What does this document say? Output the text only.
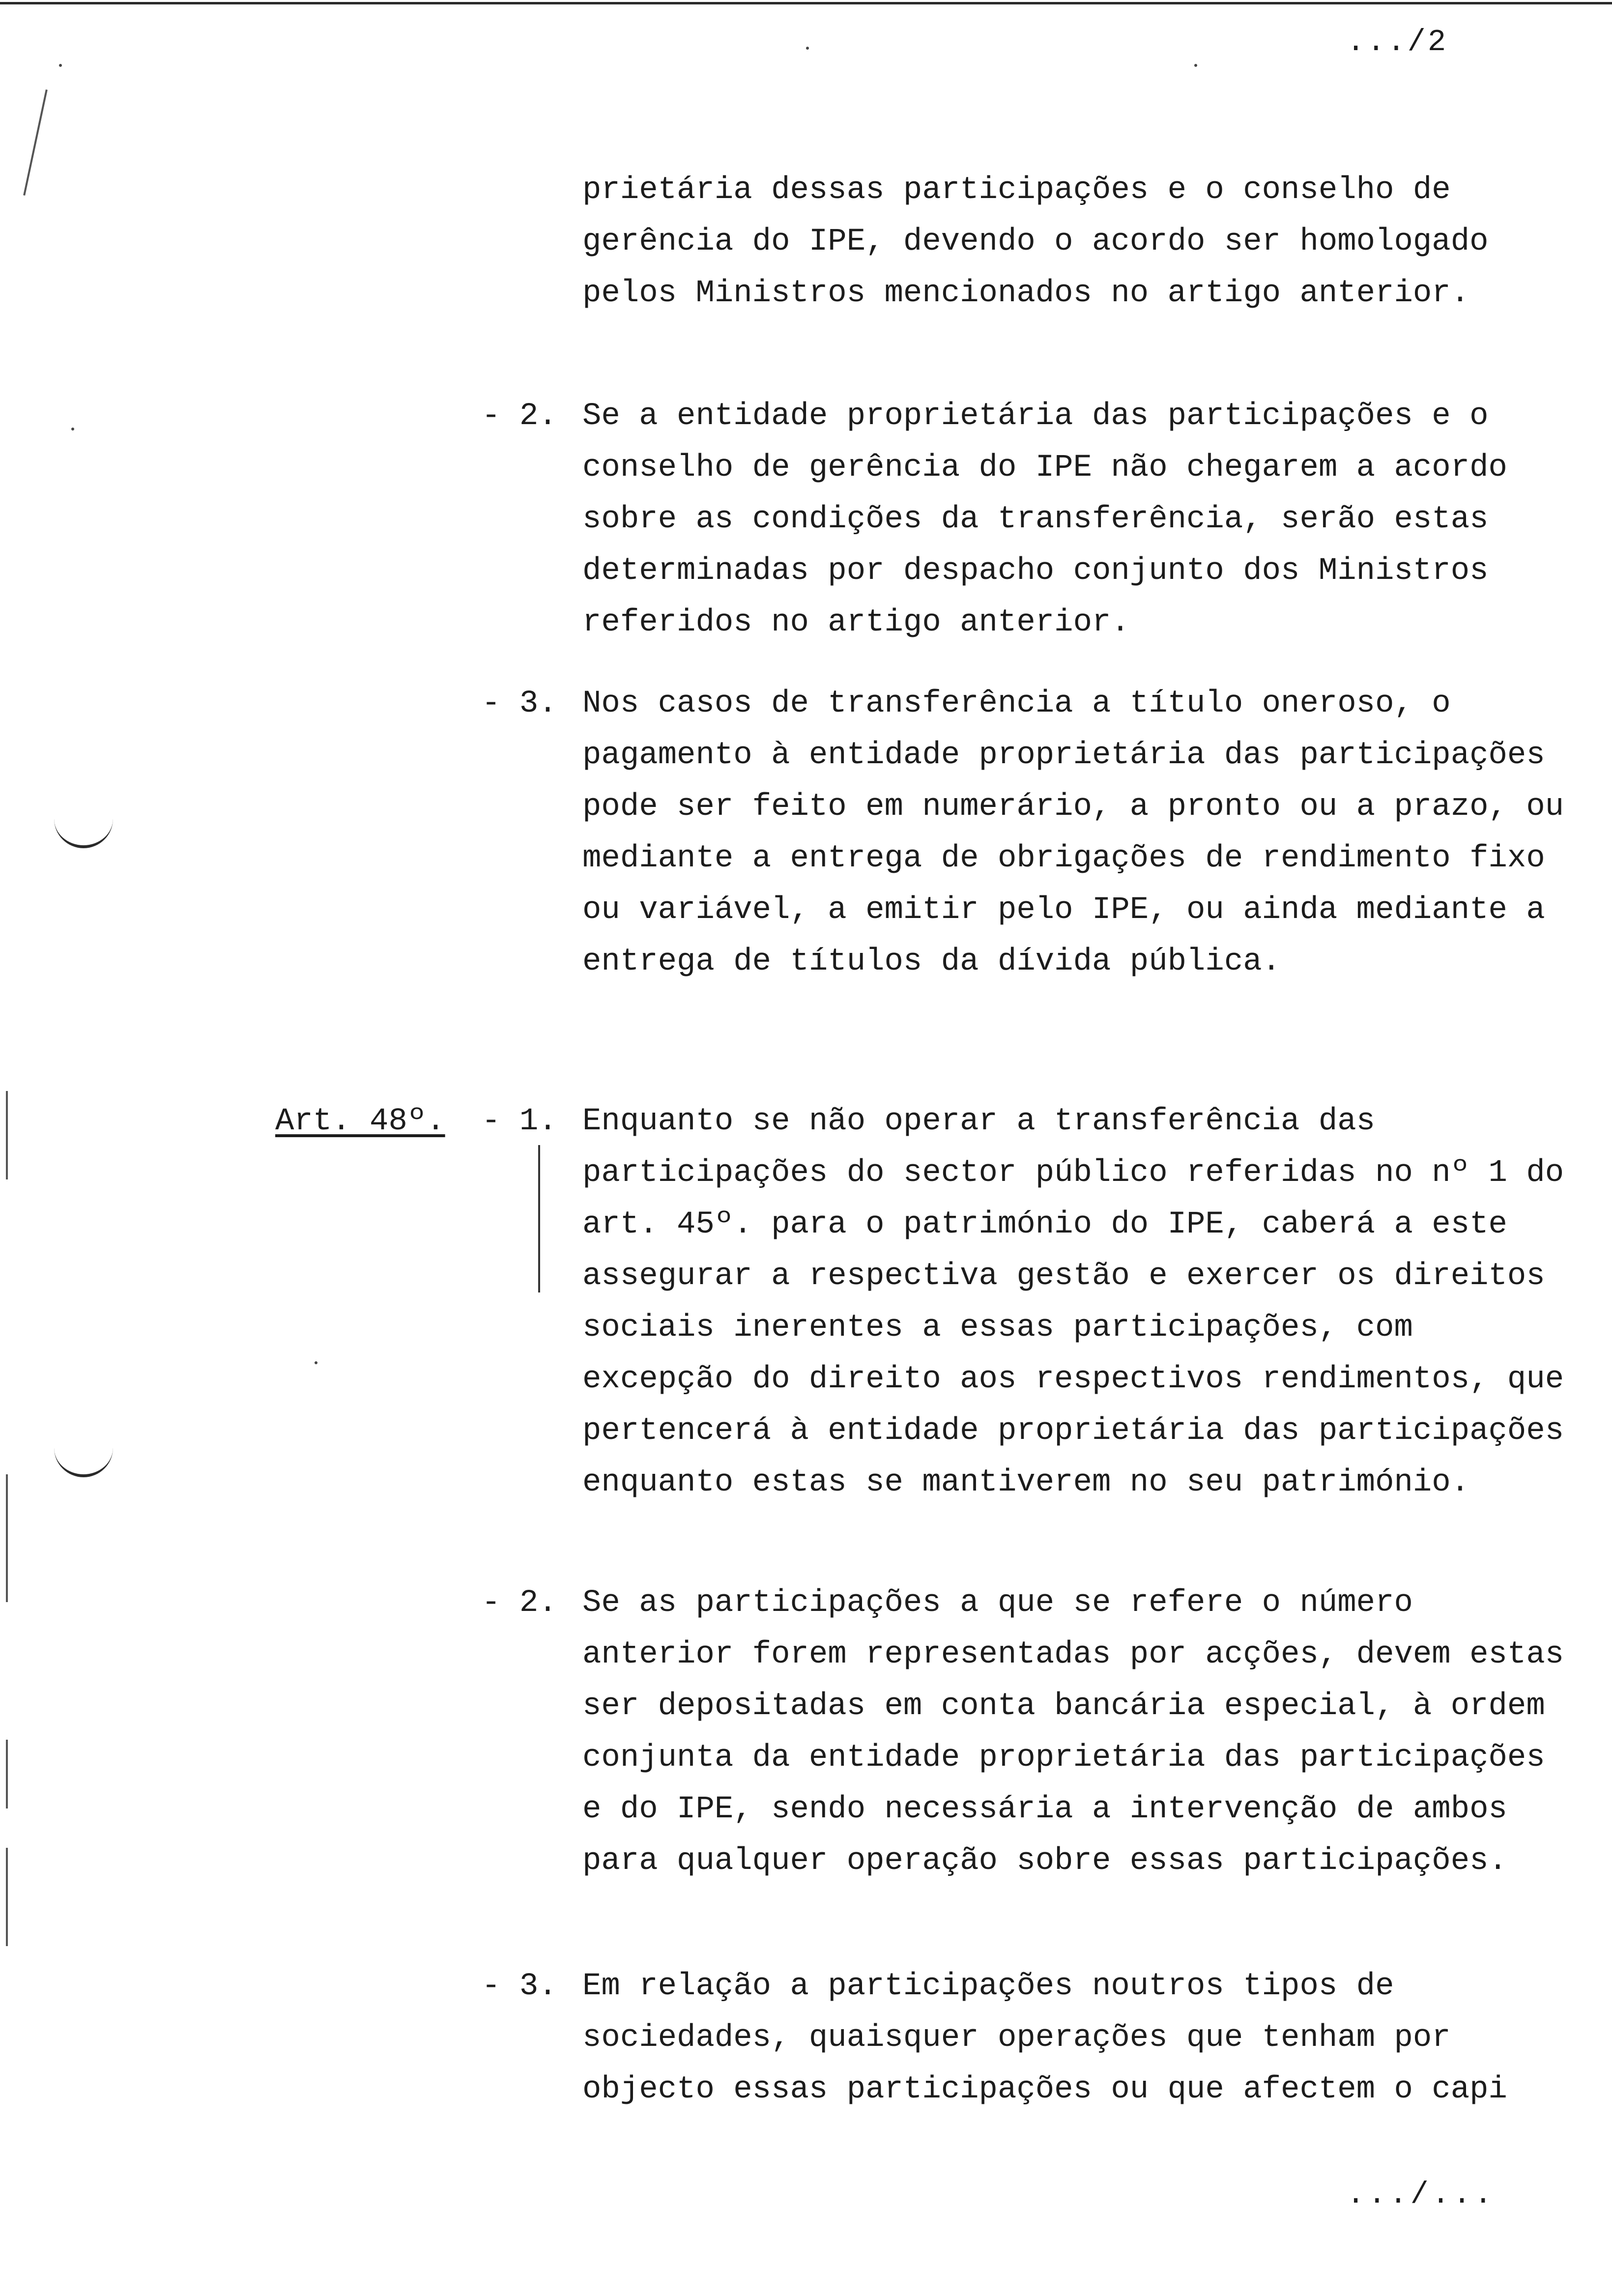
.../2

prietária dessas participações e o conselho de gerência do IPE, devendo o acordo ser homologado pelos Ministros mencionados no artigo anterior.

- 2. Se a entidade proprietária das participações e o conselho de gerência do IPE não chegarem a acordo sobre as condições da transferência, serão estas determinadas por despacho conjunto dos Ministros referidos no artigo anterior.

- 3. Nos casos de transferência a título oneroso, o pagamento à entidade proprietária das participações pode ser feito em numerário, a pronto ou a prazo, ou mediante a entrega de obrigações de rendimento fixo ou variável, a emitir pelo IPE, ou ainda mediante a entrega de títulos da dívida pública.

Art. 48º. - 1. Enquanto se não operar a transferência das participações do sector público referidas no nº 1 do art. 45º. para o património do IPE, caberá a este assegurar a respectiva gestão e exercer os direitos sociais inerentes a essas participações, com excepção do direito aos respectivos rendimentos, que pertencerá à entidade proprietária das participações enquanto estas se mantiverem no seu património.

- 2. Se as participações a que se refere o número anterior forem representadas por acções, devem estas ser depositadas em conta bancária especial, à ordem conjunta da entidade proprietária das participações e do IPE, sendo necessária a intervenção de ambos para qualquer operação sobre essas participações.

- 3. Em relação a participações noutros tipos de sociedades, quaisquer operações que tenham por objecto essas participações ou que afectem o capi

.../...
